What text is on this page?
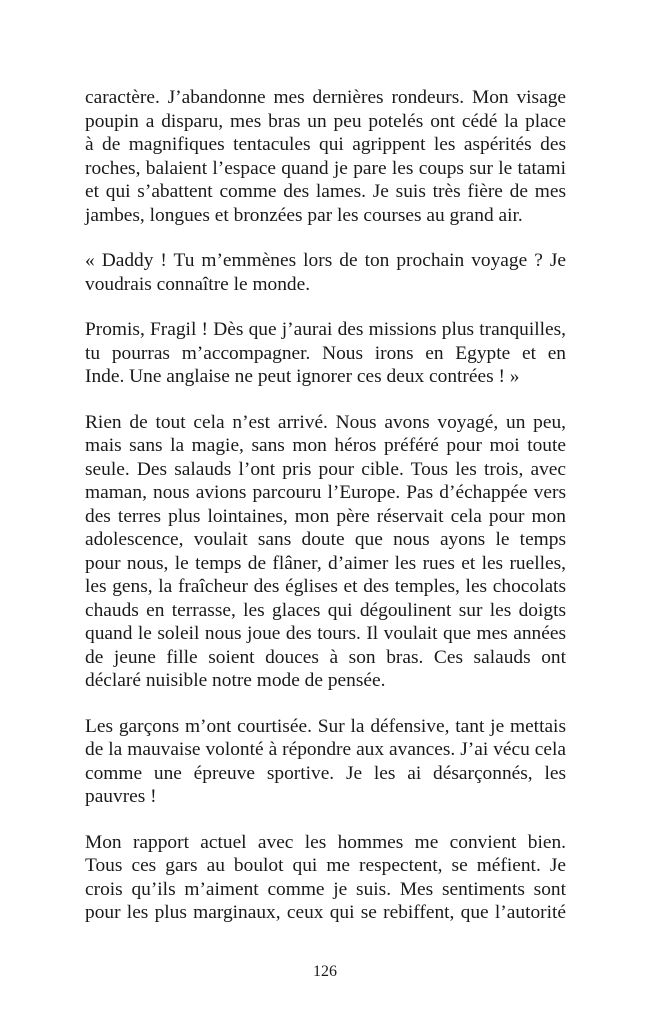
caractère. J’abandonne mes dernières rondeurs. Mon visage
poupin a disparu, mes bras un peu potelés ont cédé la place
à de magnifiques tentacules qui agrippent les aspérités des
roches, balaient l’espace quand je pare les coups sur le tatami
et qui s’abattent comme des lames. Je suis très fière de mes
jambes, longues et bronzées par les courses au grand air.

« Daddy ! Tu m’emmènes lors de ton prochain voyage ? Je
voudrais connaître le monde.

Promis, Fragil ! Dès que j’aurai des missions plus tranquilles,
tu pourras m’accompagner. Nous irons en Egypte et en
Inde. Une anglaise ne peut ignorer ces deux contrées ! »

Rien de tout cela n’est arrivé. Nous avons voyagé, un peu,
mais sans la magie, sans mon héros préféré pour moi toute
seule. Des salauds l’ont pris pour cible. Tous les trois, avec
maman, nous avions parcouru l’Europe. Pas d’échappée vers
des terres plus lointaines, mon père réservait cela pour mon
adolescence, voulait sans doute que nous ayons le temps
pour nous, le temps de flâner, d’aimer les rues et les ruelles,
les gens, la fraîcheur des églises et des temples, les chocolats
chauds en terrasse, les glaces qui dégoulinent sur les doigts
quand le soleil nous joue des tours. Il voulait que mes années
de jeune fille soient douces à son bras. Ces salauds ont
déclaré nuisible notre mode de pensée.

Les garçons m’ont courtisée. Sur la défensive, tant je mettais
de la mauvaise volonté à répondre aux avances. J’ai vécu cela
comme une épreuve sportive. Je les ai désarçonnés, les
pauvres !

Mon rapport actuel avec les hommes me convient bien.
Tous ces gars au boulot qui me respectent, se méfient. Je
crois qu’ils m’aiment comme je suis. Mes sentiments sont
pour les plus marginaux, ceux qui se rebiffent, que l’autorité

126
